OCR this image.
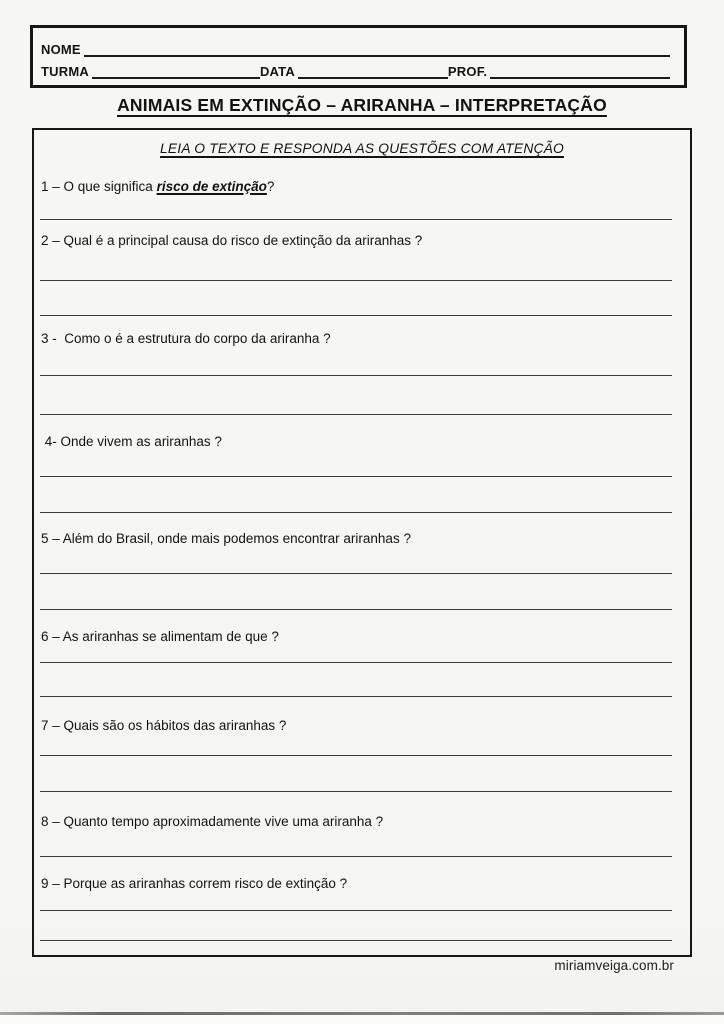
NOME
TURMA	DATA	PROF.
ANIMAIS EM EXTINÇÃO – ARIRANHA – INTERPRETAÇÃO
LEIA O TEXTO E RESPONDA AS QUESTÕES COM ATENÇÃO
1 – O que significa risco de extinção?
2 – Qual é a principal causa do risco de extinção da ariranhas ?
3 -  Como o é a estrutura do corpo da ariranha ?
4- Onde vivem as ariranhas ?
5 – Além do Brasil, onde mais podemos encontrar ariranhas ?
6 – As ariranhas se alimentam de que ?
7 – Quais são os hábitos das ariranhas ?
8 – Quanto tempo aproximadamente vive uma ariranha ?
9 – Porque as ariranhas correm risco de extinção ?
miriamveiga.com.br
